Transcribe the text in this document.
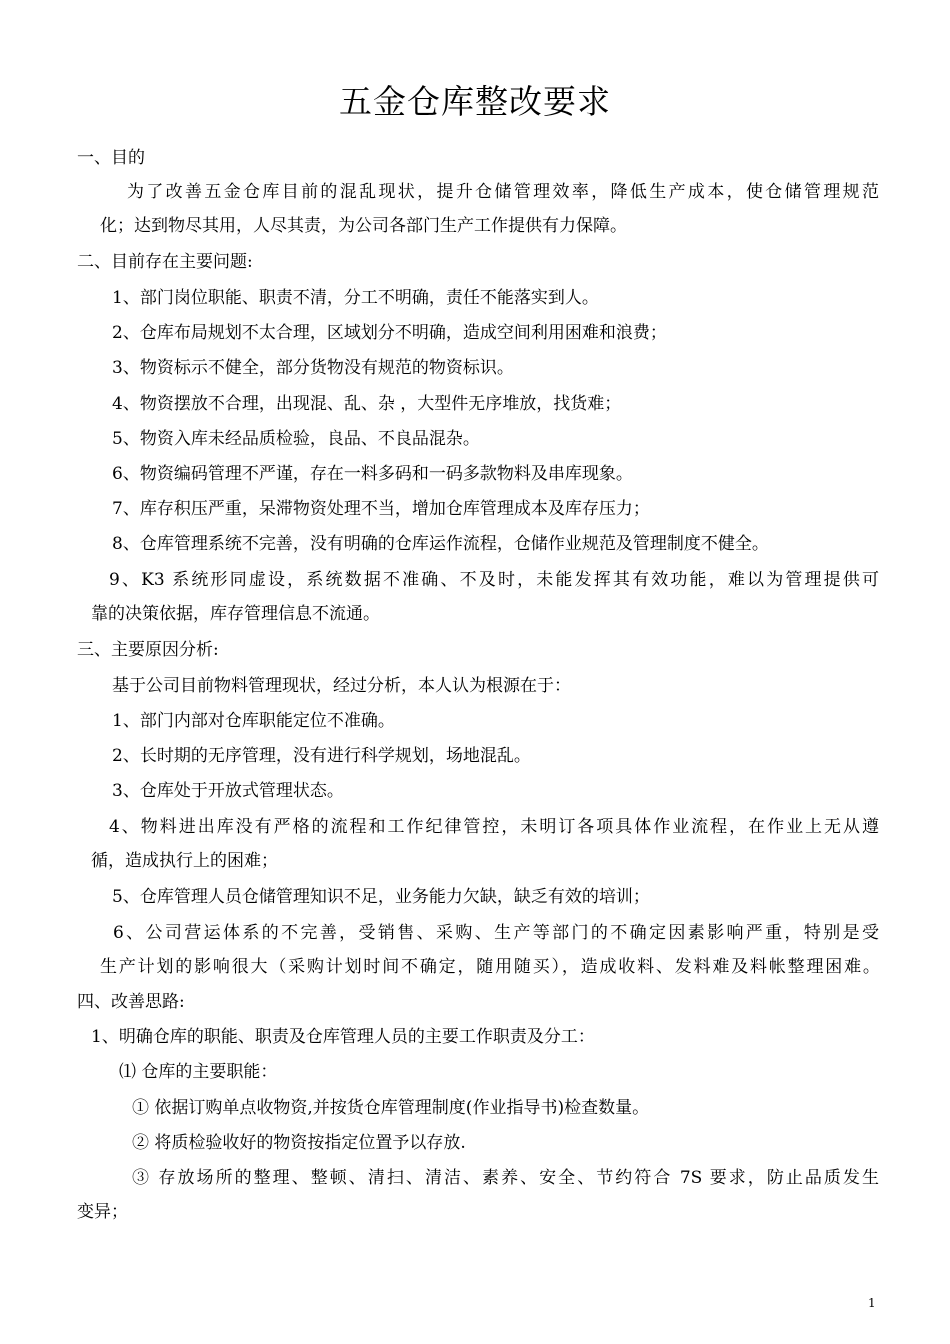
五金仓库整改要求

一、目的

为了改善五金仓库目前的混乱现状，提升仓储管理效率，降低生产成本，使仓储管理规范

化；达到物尽其用，人尽其责，为公司各部门生产工作提供有力保障。

二、目前存在主要问题:

1、部门岗位职能、职责不清，分工不明确，责任不能落实到人。

2、仓库布局规划不太合理，区域划分不明确，造成空间利用困难和浪费；

3、物资标示不健全，部分货物没有规范的物资标识。

4、物资摆放不合理，出现混、乱、杂 ，大型件无序堆放，找货难；

5、物资入库未经品质检验，良品、不良品混杂。

6、物资编码管理不严谨，存在一料多码和一码多款物料及串库现象。

7、库存积压严重，呆滞物资处理不当，增加仓库管理成本及库存压力；

8、仓库管理系统不完善，没有明确的仓库运作流程，仓储作业规范及管理制度不健全。

9、K3 系统形同虚设，系统数据不准确、不及时，未能发挥其有效功能，难以为管理提供可

靠的决策依据，库存管理信息不流通。

三、主要原因分析:

基于公司目前物料管理现状，经过分析，本人认为根源在于：

1、部门内部对仓库职能定位不准确。

2、长时期的无序管理，没有进行科学规划，场地混乱。

3、仓库处于开放式管理状态。

4、物料进出库没有严格的流程和工作纪律管控，未明订各项具体作业流程，在作业上无从遵

循，造成执行上的困难；

5、仓库管理人员仓储管理知识不足，业务能力欠缺，缺乏有效的培训；

6、公司营运体系的不完善，受销售、采购、生产等部门的不确定因素影响严重，特别是受

生产计划的影响很大（采购计划时间不确定，随用随买），造成收料、发料难及料帐整理困难。

四、改善思路:

1、明确仓库的职能、职责及仓库管理人员的主要工作职责及分工：

⑴ 仓库的主要职能：

① 依据订购单点收物资,并按货仓库管理制度(作业指导书)检查数量。

② 将质检验收好的物资按指定位置予以存放.

③ 存放场所的整理、整顿、清扫、清洁、素养、安全、节约符合 7S 要求，防止品质发生

变异；

1
